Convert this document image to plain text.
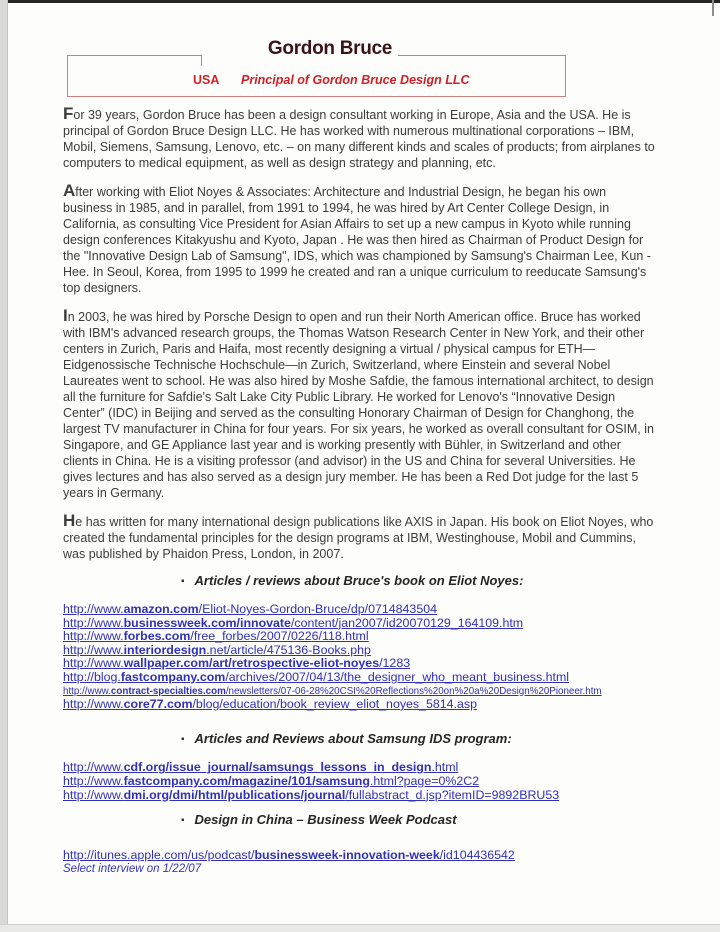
Gordon Bruce
USA Principal of Gordon Bruce Design LLC

For 39 years, Gordon Bruce has been a design consultant working in Europe, Asia and the USA. He is principal of Gordon Bruce Design LLC. He has worked with numerous multinational corporations – IBM, Mobil, Siemens, Samsung, Lenovo, etc. – on many different kinds and scales of products; from airplanes to computers to medical equipment, as well as design strategy and planning, etc.

After working with Eliot Noyes & Associates: Architecture and Industrial Design, he began his own business in 1985, and in parallel, from 1991 to 1994, he was hired by Art Center College Design, in California, as consulting Vice President for Asian Affairs to set up a new campus in Kyoto while running design conferences Kitakyushu and Kyoto, Japan . He was then hired as Chairman of Product Design for the "Innovative Design Lab of Samsung", IDS, which was championed by Samsung's Chairman Lee, Kun - Hee. In Seoul, Korea, from 1995 to 1999 he created and ran a unique curriculum to reeducate Samsung's top designers.

In 2003, he was hired by Porsche Design to open and run their North American office. Bruce has worked with IBM's advanced research groups, the Thomas Watson Research Center in New York, and their other centers in Zurich, Paris and Haifa, most recently designing a virtual / physical campus for ETH—Eidgenossische Technische Hochschule—in Zurich, Switzerland, where Einstein and several Nobel Laureates went to school. He was also hired by Moshe Safdie, the famous international architect, to design all the furniture for Safdie's Salt Lake City Public Library. He worked for Lenovo's “Innovative Design Center” (IDC) in Beijing and served as the consulting Honorary Chairman of Design for Changhong, the largest TV manufacturer in China for four years. For six years, he worked as overall consultant for OSIM, in Singapore, and GE Appliance last year and is working presently with Bühler, in Switzerland and other clients in China. He is a visiting professor (and advisor) in the US and China for several Universities. He gives lectures and has also served as a design jury member. He has been a Red Dot judge for the last 5 years in Germany.

He has written for many international design publications like AXIS in Japan. His book on Eliot Noyes, who created the fundamental principles for the design programs at IBM, Westinghouse, Mobil and Cummins, was published by Phaidon Press, London, in 2007.

▪ Articles / reviews about Bruce's book on Eliot Noyes:
http://www.amazon.com/Eliot-Noyes-Gordon-Bruce/dp/0714843504
http://www.businessweek.com/innovate/content/jan2007/id20070129_164109.htm
http://www.forbes.com/free_forbes/2007/0226/118.html
http://www.interiordesign.net/article/475136-Books.php
http://www.wallpaper.com/art/retrospective-eliot-noyes/1283
http://blog.fastcompany.com/archives/2007/04/13/the_designer_who_meant_business.html
http://www.contract-specialties.com/newsletters/07-06-28%20CSI%20Reflections%20on%20a%20Design%20Pioneer.htm
http://www.core77.com/blog/education/book_review_eliot_noyes_5814.asp
▪ Articles and Reviews about Samsung IDS program:
http://www.cdf.org/issue_journal/samsungs_lessons_in_design.html
http://www.fastcompany.com/magazine/101/samsung.html?page=0%2C2
http://www.dmi.org/dmi/html/publications/journal/fullabstract_d.jsp?itemID=9892BRU53
▪ Design in China – Business Week Podcast
http://itunes.apple.com/us/podcast/businessweek-innovation-week/id104436542
Select interview on 1/22/07
